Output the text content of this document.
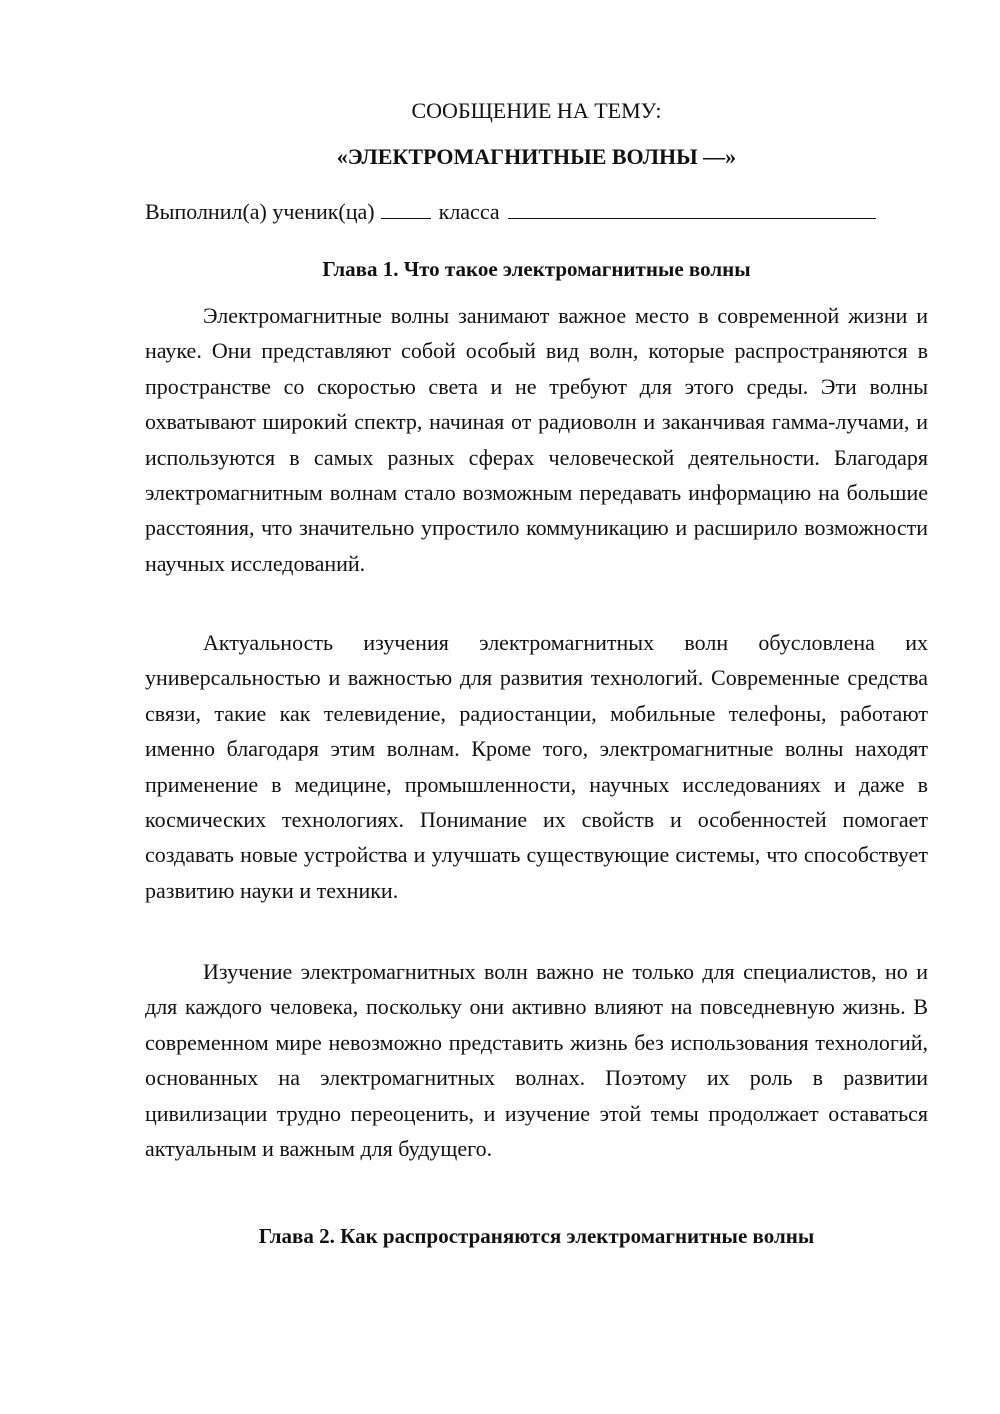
СООБЩЕНИЕ НА ТЕМУ:
«ЭЛЕКТРОМАГНИТНЫЕ ВОЛНЫ —»
Выполнил(а) ученик(ца)	класса
Глава 1. Что такое электромагнитные волны

Электромагнитные волны занимают важное место в современной жизни и науке. Они представляют собой особый вид волн, которые распространяются в пространстве со скоростью света и не требуют для этого среды. Эти волны охватывают широкий спектр, начиная от радиоволн и заканчивая гамма-лучами, и используются в самых разных сферах человеческой деятельности. Благодаря электромагнитным волнам стало возможным передавать информацию на большие расстояния, что значительно упростило коммуникацию и расширило возможности научных исследований.

Актуальность изучения электромагнитных волн обусловлена их универсальностью и важностью для развития технологий. Современные средства связи, такие как телевидение, радиостанции, мобильные телефоны, работают именно благодаря этим волнам. Кроме того, электромагнитные волны находят применение в медицине, промышленности, научных исследованиях и даже в космических технологиях. Понимание их свойств и особенностей помогает создавать новые устройства и улучшать существующие системы, что способствует развитию науки и техники.

Изучение электромагнитных волн важно не только для специалистов, но и для каждого человека, поскольку они активно влияют на повседневную жизнь. В современном мире невозможно представить жизнь без использования технологий, основанных на электромагнитных волнах. Поэтому их роль в развитии цивилизации трудно переоценить, и изучение этой темы продолжает оставаться актуальным и важным для будущего.

Глава 2. Как распространяются электромагнитные волны
